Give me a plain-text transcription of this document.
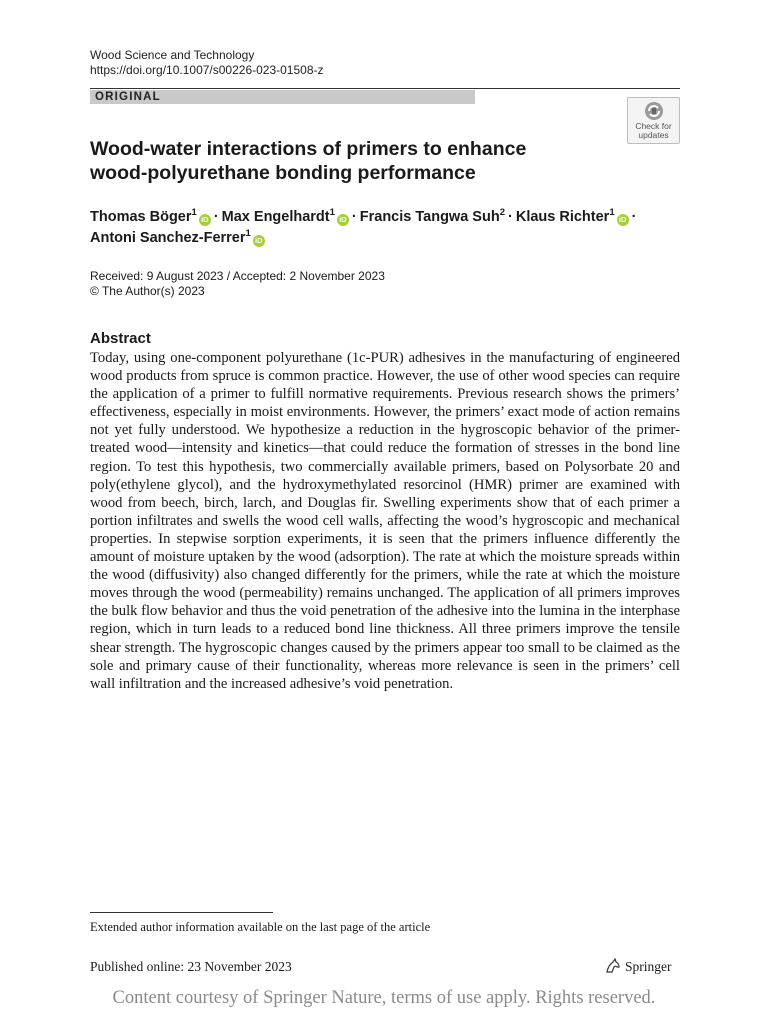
Wood Science and Technology
https://doi.org/10.1007/s00226-023-01508-z
ORIGINAL
Check for
updates
Wood-water interactions of primers to enhance
wood-polyurethane bonding performance
Thomas Böger$^1$iD · Max Engelhardt$^1$iD · Francis Tangwa Suh$^2$ · Klaus Richter$^1$iD ·
Antoni Sanchez-Ferrer$^1$iD
Received: 9 August 2023 / Accepted: 2 November 2023
© The Author(s) 2023
Abstract
Today, using one-component polyurethane (1c-PUR) adhesives in the manufacturing of engineered wood products from spruce is common practice. However, the use of other wood species can require the application of a primer to fulfill normative requirements. Previous research shows the primers’ effectiveness, especially in moist environments. However, the primers’ exact mode of action remains not yet fully understood. We hypothesize a reduction in the hygroscopic behavior of the primer-treated wood—intensity and kinetics—that could reduce the formation of stresses in the bond line region. To test this hypothesis, two commercially available primers, based on Polysorbate 20 and poly(ethylene glycol), and the hydroxymethylated resorcinol (HMR) primer are examined with wood from beech, birch, larch, and Douglas fir. Swelling experiments show that of each primer a portion infiltrates and swells the wood cell walls, affecting the wood’s hygroscopic and mechanical properties. In stepwise sorption experiments, it is seen that the primers influence differently the amount of moisture uptaken by the wood (adsorption). The rate at which the moisture spreads within the wood (diffusivity) also changed differently for the primers, while the rate at which the moisture moves through the wood (permeability) remains unchanged. The application of all primers improves the bulk flow behavior and thus the void penetration of the adhesive into the lumina in the interphase region, which in turn leads to a reduced bond line thickness. All three primers improve the tensile shear strength. The hygroscopic changes caused by the primers appear too small to be claimed as the sole and primary cause of their functionality, whereas more relevance is seen in the primers’ cell wall infiltration and the increased adhesive’s void penetration.
Extended author information available on the last page of the article
Published online: 23 November 2023	Springer
Content courtesy of Springer Nature, terms of use apply. Rights reserved.
